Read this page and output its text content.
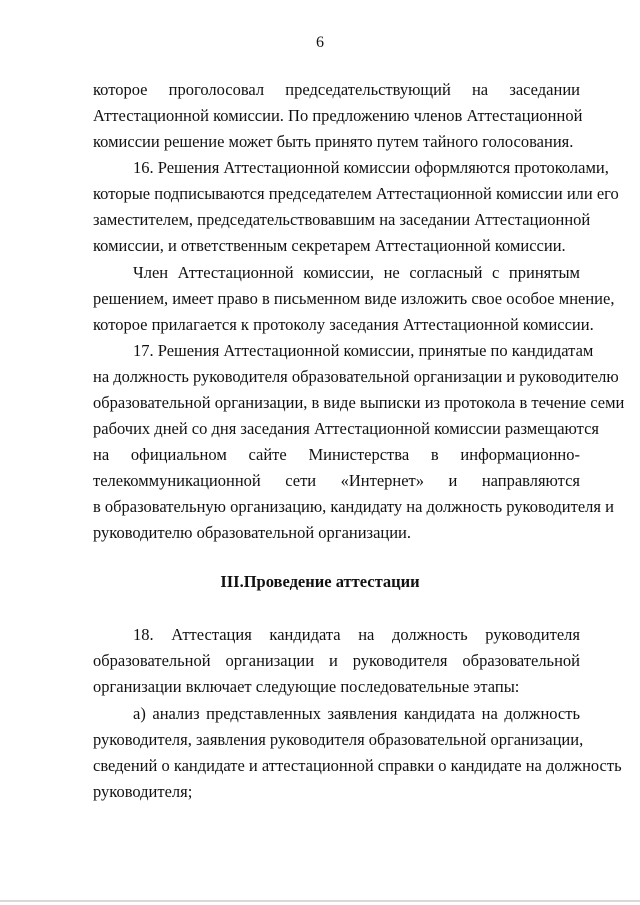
6
которое проголосовал председательствующий на заседании
Аттестационной комиссии. По предложению членов Аттестационной
комиссии решение может быть принято путем тайного голосования.
16. Решения Аттестационной комиссии оформляются протоколами,
которые подписываются председателем Аттестационной комиссии или его
заместителем, председательствовавшим на заседании Аттестационной
комиссии, и ответственным секретарем Аттестационной комиссии.
Член Аттестационной комиссии, не согласный с принятым
решением, имеет право в письменном виде изложить свое особое мнение,
которое прилагается к протоколу заседания Аттестационной комиссии.
17. Решения Аттестационной комиссии, принятые по кандидатам
на должность руководителя образовательной организации и руководителю
образовательной организации, в виде выписки из протокола в течение семи
рабочих дней со дня заседания Аттестационной комиссии размещаются
на официальном сайте Министерства в информационно-
телекоммуникационной сети «Интернет» и направляются
в образовательную организацию, кандидату на должность руководителя и
руководителю образовательной организации.
III.Проведение аттестации
18. Аттестация кандидата на должность руководителя
образовательной организации и руководителя образовательной
организации включает следующие последовательные этапы:
а) анализ представленных заявления кандидата на должность
руководителя, заявления руководителя образовательной организации,
сведений о кандидате и аттестационной справки о кандидате на должность
руководителя;
